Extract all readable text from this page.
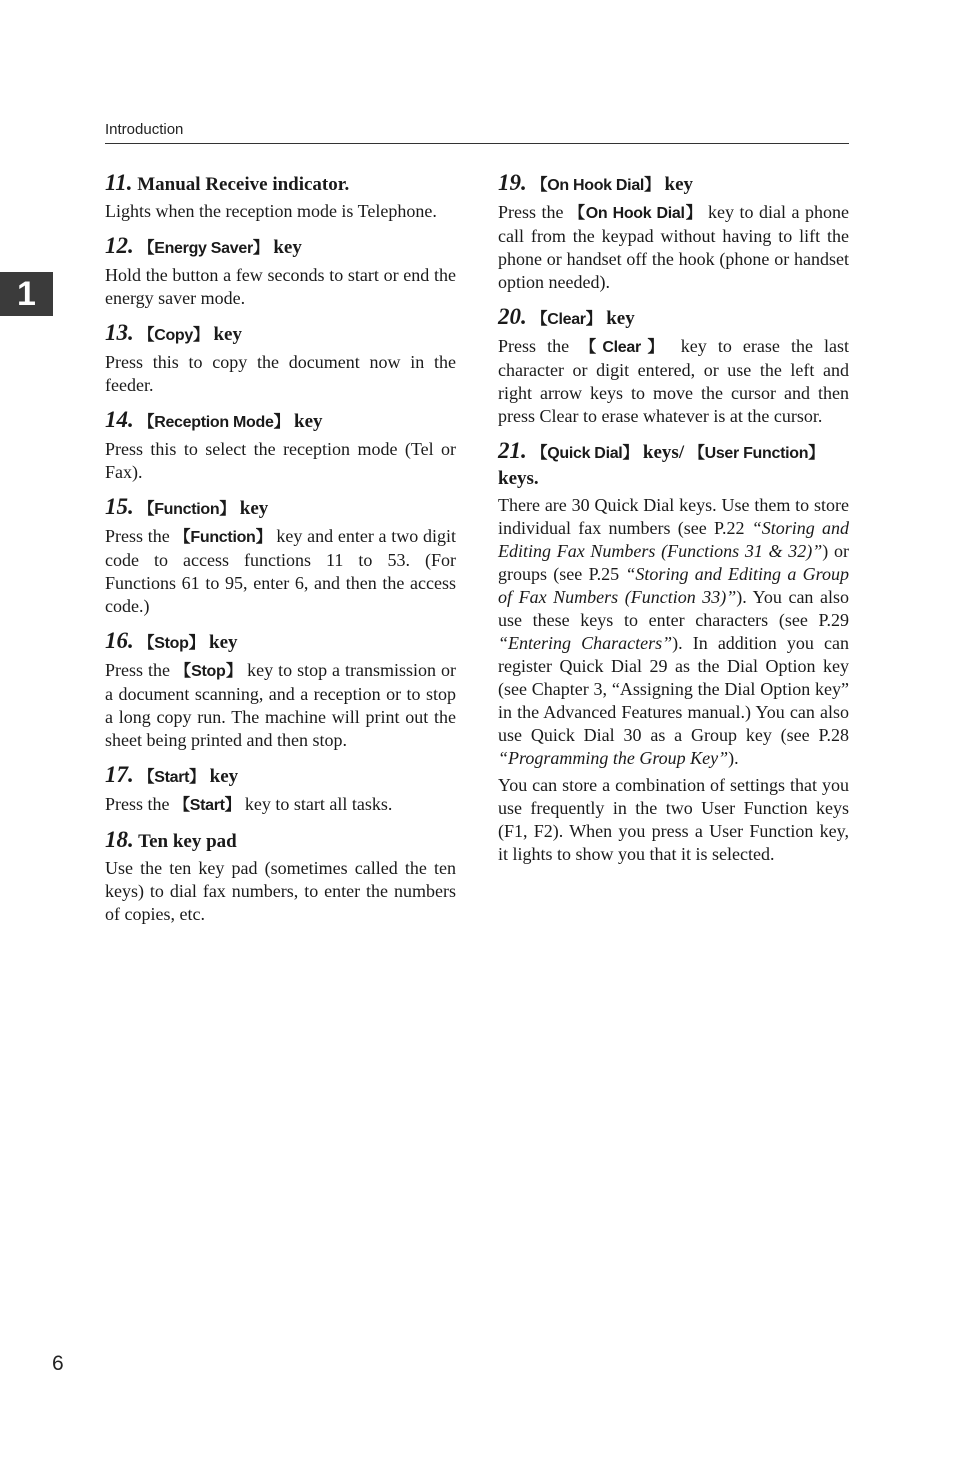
Introduction
1
11. Manual Receive indicator.

Lights when the reception mode is Telephone.

12. 【 Energy Saver 】 key

Hold the button a few seconds to start or end the energy saver mode.

13. 【 Copy 】 key

Press this to copy the document now in the feeder.

14. 【 Reception Mode 】 key

Press this to select the reception mode (Tel or Fax).

15. 【 Function 】 key

Press the 【 Function 】 key and enter a two digit code to access functions 11 to 53. (For Functions 61 to 95, enter 6, and then the access code.)

16. 【 Stop 】 key

Press the 【 Stop 】 key to stop a transmission or a document scanning, and a reception or to stop a long copy run. The machine will print out the sheet being printed and then stop.

17. 【 Start 】 key

Press the 【 Start 】 key to start all tasks.

18. Ten key pad

Use the ten key pad (sometimes called the ten keys) to dial fax numbers, to enter the numbers of copies, etc.

19. 【 On Hook Dial 】 key

Press the 【 On Hook Dial 】 key to dial a phone call from the keypad without having to lift the phone or handset off the hook (phone or handset option needed).

20. 【 Clear 】 key

Press the 【 Clear 】 key to erase the last character or digit entered, or use the left and right arrow keys to move the cursor and then press Clear to erase whatever is at the cursor.

21. 【 Quick Dial 】 keys/ 【 User Function 】 keys.

There are 30 Quick Dial keys. Use them to store individual fax numbers (see P.22 “Storing and Editing Fax Numbers (Functions 31 & 32)”) or groups (see P.25 “Storing and Editing a Group of Fax Numbers (Function 33)”). You can also use these keys to enter characters (see P.29 “Entering Characters”). In addition you can register Quick Dial 29 as the Dial Option key (see Chapter 3, “Assigning the Dial Option key” in the Advanced Features manual.) You can also use Quick Dial 30 as a Group key (see P.28 “Programming the Group Key”).

You can store a combination of settings that you use frequently in the two User Function keys (F1, F2). When you press a User Function key, it lights to show you that it is selected.

6
